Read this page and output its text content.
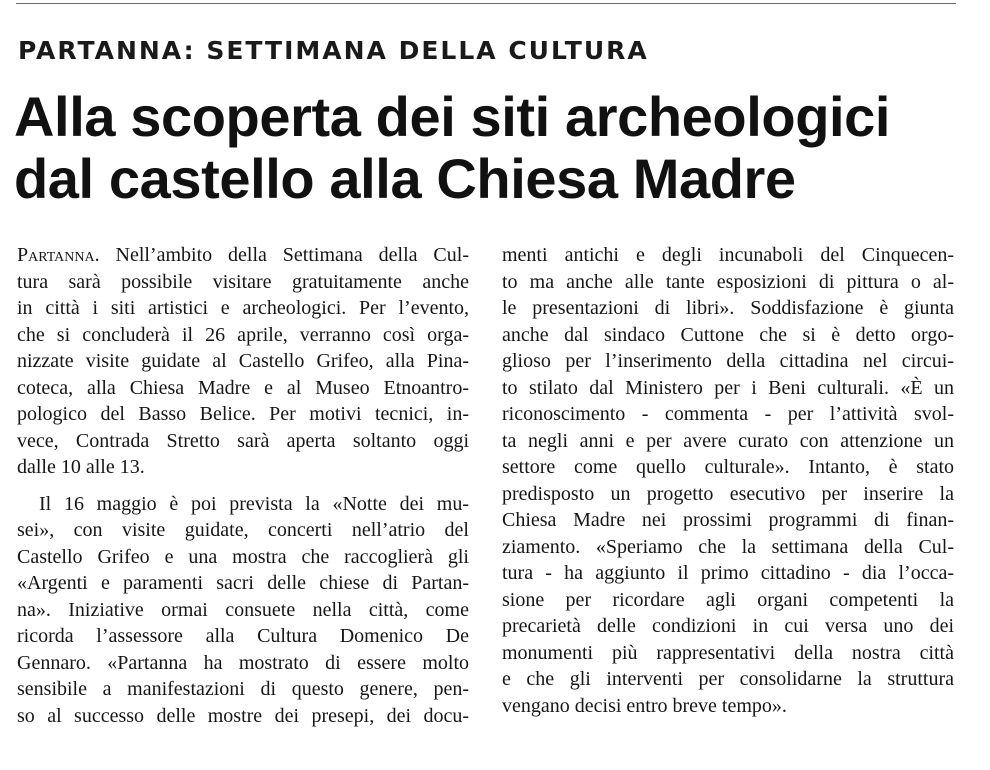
PARTANNA: SETTIMANA DELLA CULTURA
Alla scoperta dei siti archeologici
dal castello alla Chiesa Madre
Partanna. Nell’ambito della Settimana della Cul-
tura sarà possibile visitare gratuitamente anche
in città i siti artistici e archeologici. Per l’evento,
che si concluderà il 26 aprile, verranno così orga-
nizzate visite guidate al Castello Grifeo, alla Pina-
coteca, alla Chiesa Madre e al Museo Etnoantro-
pologico del Basso Belice. Per motivi tecnici, in-
vece, Contrada Stretto sarà aperta soltanto oggi
dalle 10 alle 13.
Il 16 maggio è poi prevista la «Notte dei mu-
sei», con visite guidate, concerti nell’atrio del
Castello Grifeo e una mostra che raccoglierà gli
«Argenti e paramenti sacri delle chiese di Partan-
na». Iniziative ormai consuete nella città, come
ricorda l’assessore alla Cultura Domenico De
Gennaro. «Partanna ha mostrato di essere molto
sensibile a manifestazioni di questo genere, pen-
so al successo delle mostre dei presepi, dei docu-
menti antichi e degli incunaboli del Cinquecen-
to ma anche alle tante esposizioni di pittura o al-
le presentazioni di libri». Soddisfazione è giunta
anche dal sindaco Cuttone che si è detto orgo-
glioso per l’inserimento della cittadina nel circui-
to stilato dal Ministero per i Beni culturali. «È un
riconoscimento - commenta - per l’attività svol-
ta negli anni e per avere curato con attenzione un
settore come quello culturale». Intanto, è stato
predisposto un progetto esecutivo per inserire la
Chiesa Madre nei prossimi programmi di finan-
ziamento. «Speriamo che la settimana della Cul-
tura - ha aggiunto il primo cittadino - dia l’occa-
sione per ricordare agli organi competenti la
precarietà delle condizioni in cui versa uno dei
monumenti più rappresentativi della nostra città
e che gli interventi per consolidarne la struttura
vengano decisi entro breve tempo».
